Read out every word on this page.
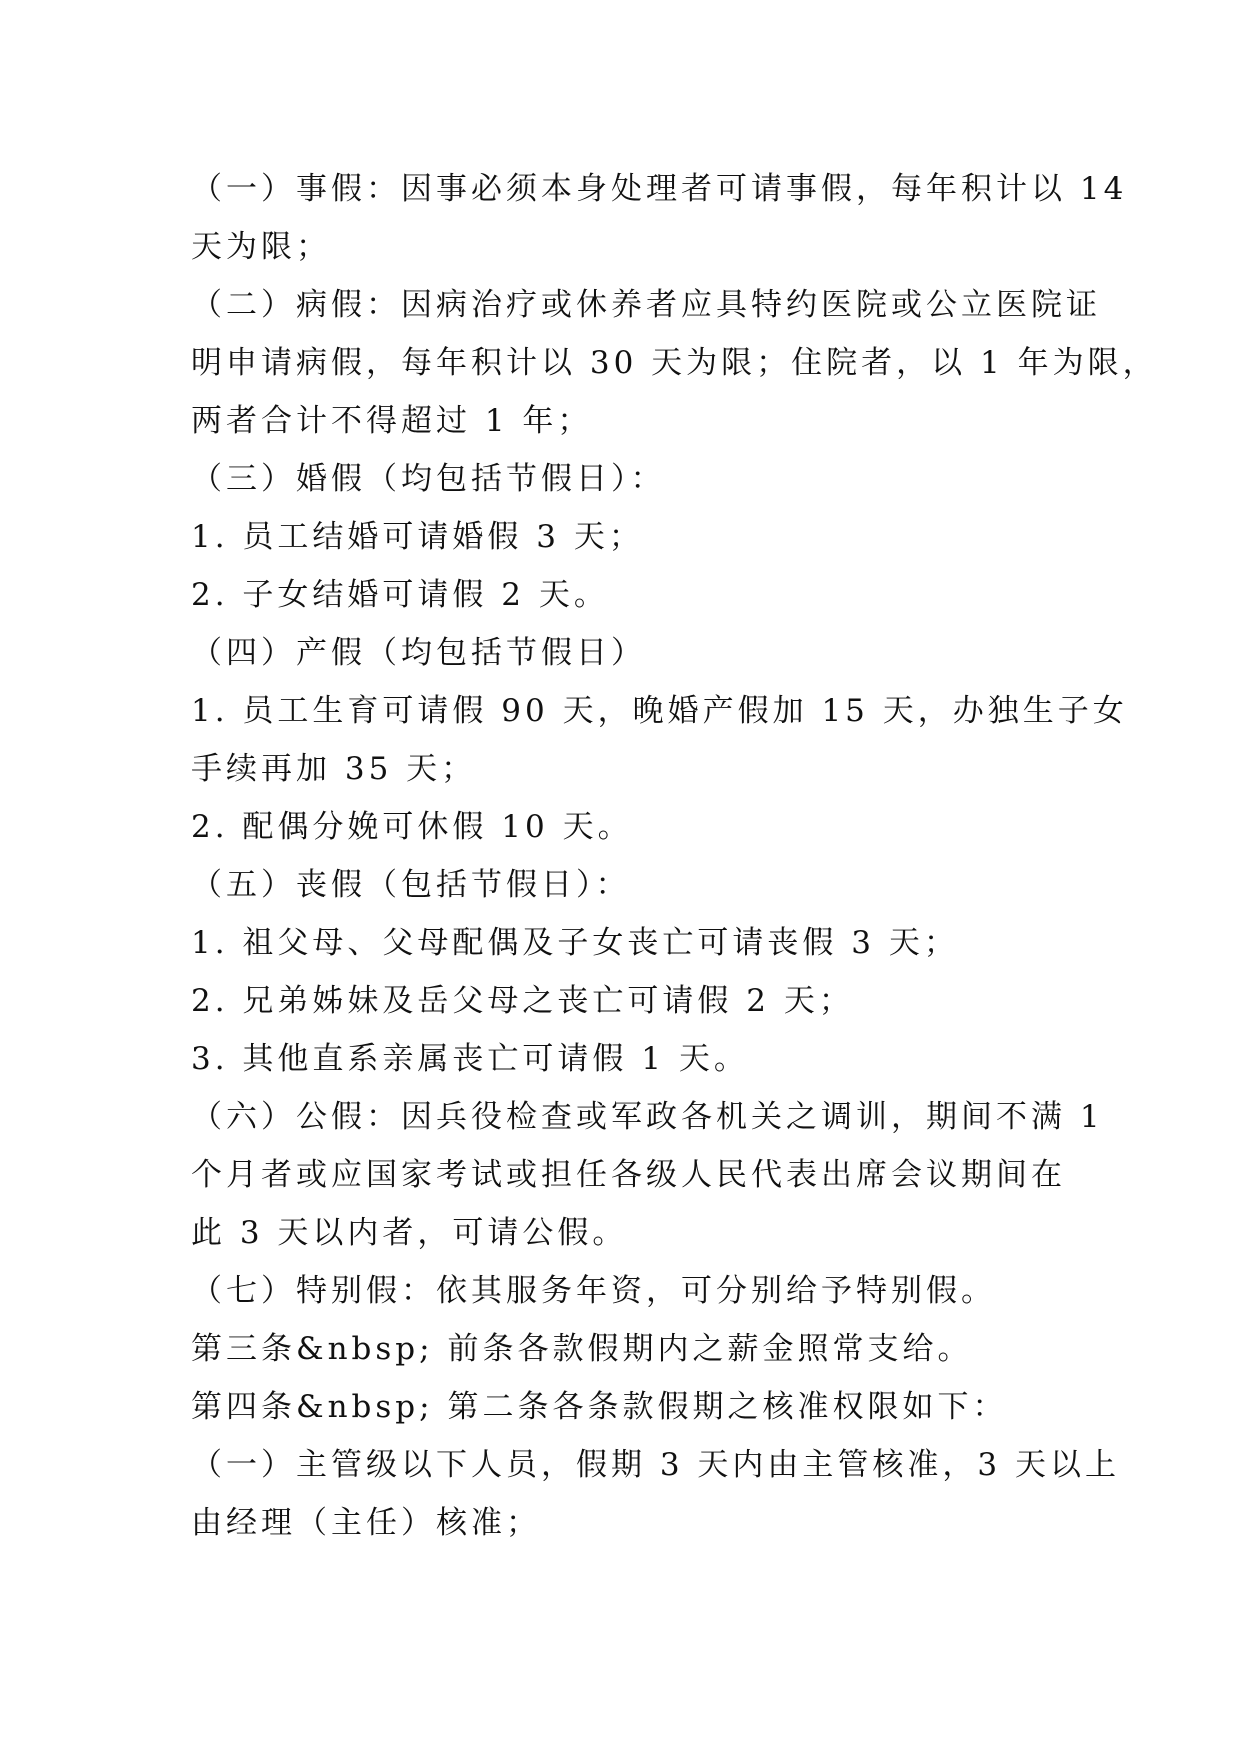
（一）事假：因事必须本身处理者可请事假，每年积计以 14
天为限；
（二）病假：因病治疗或休养者应具特约医院或公立医院证
明申请病假，每年积计以 30 天为限；住院者，以 1 年为限，
两者合计不得超过 1 年；
（三）婚假（均包括节假日）：
1. 员工结婚可请婚假 3 天；
2. 子女结婚可请假 2 天。
（四）产假（均包括节假日）
1. 员工生育可请假 90 天，晚婚产假加 15 天，办独生子女
手续再加 35 天；
2. 配偶分娩可休假 10 天。
（五）丧假（包括节假日）：
1. 祖父母、父母配偶及子女丧亡可请丧假 3 天；
2. 兄弟姊妹及岳父母之丧亡可请假 2 天；
3. 其他直系亲属丧亡可请假 1 天。
（六）公假：因兵役检查或军政各机关之调训，期间不满 1
个月者或应国家考试或担任各级人民代表出席会议期间在
此 3 天以内者，可请公假。
（七）特别假：依其服务年资，可分别给予特别假。
第三条&nbsp; 前条各款假期内之薪金照常支给。
第四条&nbsp; 第二条各条款假期之核准权限如下：
（一）主管级以下人员，假期 3 天内由主管核准，3 天以上
由经理（主任）核准；
